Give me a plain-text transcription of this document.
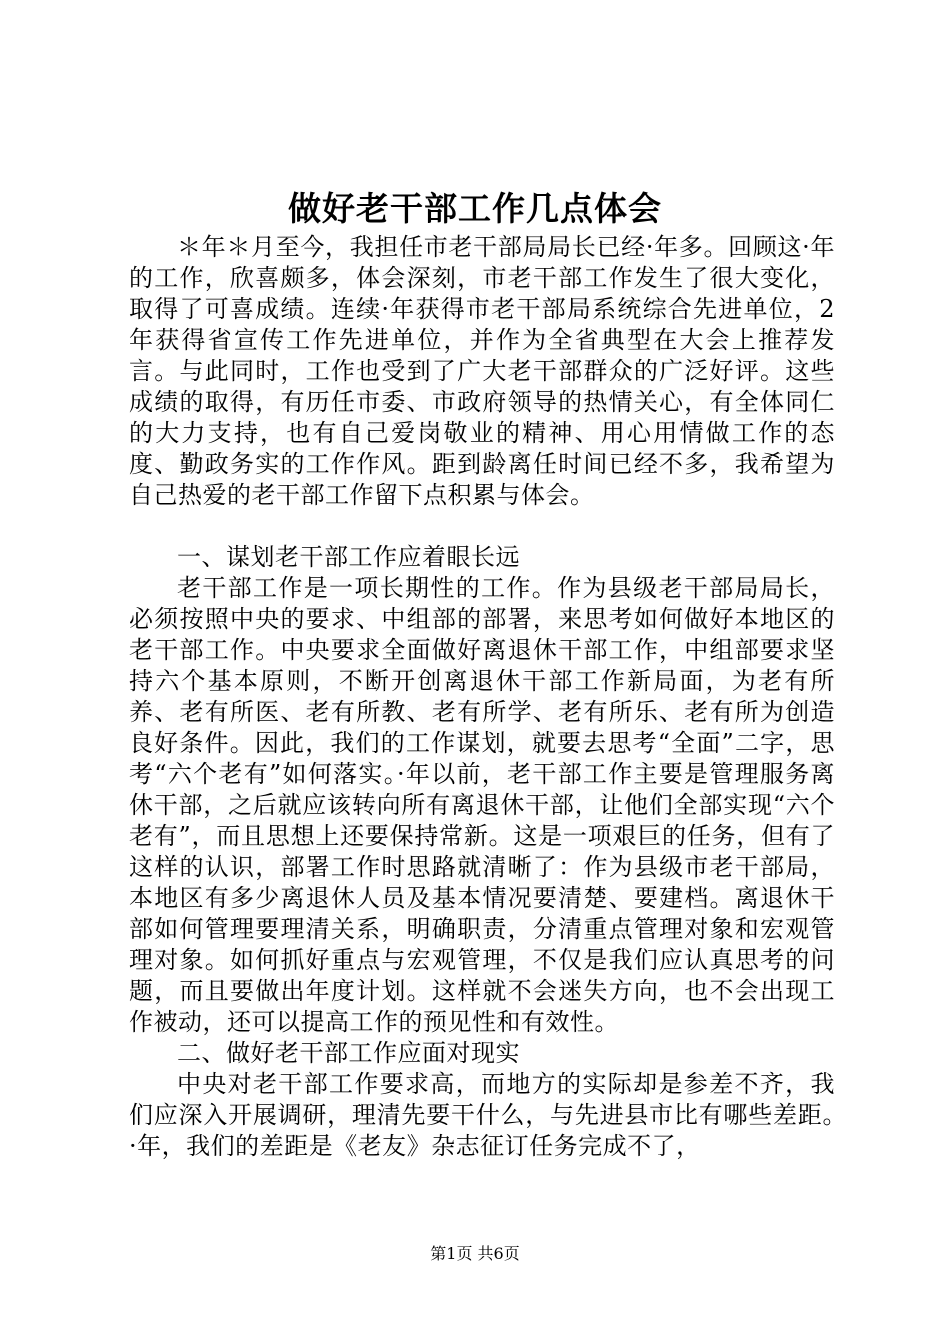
做好老干部工作几点体会

＊年＊月至今，我担任市老干部局局长已经·年多。回顾这·年的工作，欣喜颇多，体会深刻，市老干部工作发生了很大变化，取得了可喜成绩。连续·年获得市老干部局系统综合先进单位，2年获得省宣传工作先进单位，并作为全省典型在大会上推荐发言。与此同时，工作也受到了广大老干部群众的广泛好评。这些成绩的取得，有历任市委、市政府领导的热情关心，有全体同仁的大力支持，也有自己爱岗敬业的精神、用心用情做工作的态度、勤政务实的工作作风。距到龄离任时间已经不多，我希望为自己热爱的老干部工作留下点积累与体会。

一、谋划老干部工作应着眼长远

老干部工作是一项长期性的工作。作为县级老干部局局长，必须按照中央的要求、中组部的部署，来思考如何做好本地区的老干部工作。中央要求全面做好离退休干部工作，中组部要求坚持六个基本原则，不断开创离退休干部工作新局面，为老有所养、老有所医、老有所教、老有所学、老有所乐、老有所为创造良好条件。因此，我们的工作谋划，就要去思考“全面”二字，思考“六个老有”如何落实。·年以前，老干部工作主要是管理服务离休干部，之后就应该转向所有离退休干部，让他们全部实现“六个老有”，而且思想上还要保持常新。这是一项艰巨的任务，但有了这样的认识，部署工作时思路就清晰了：作为县级市老干部局，本地区有多少离退休人员及基本情况要清楚、要建档。离退休干部如何管理要理清关系，明确职责，分清重点管理对象和宏观管理对象。如何抓好重点与宏观管理，不仅是我们应认真思考的问题，而且要做出年度计划。这样就不会迷失方向，也不会出现工作被动，还可以提高工作的预见性和有效性。

二、做好老干部工作应面对现实

中央对老干部工作要求高，而地方的实际却是参差不齐，我们应深入开展调研，理清先要干什么，与先进县市比有哪些差距。·年，我们的差距是《老友》杂志征订任务完成不了，

第1页 共6页
